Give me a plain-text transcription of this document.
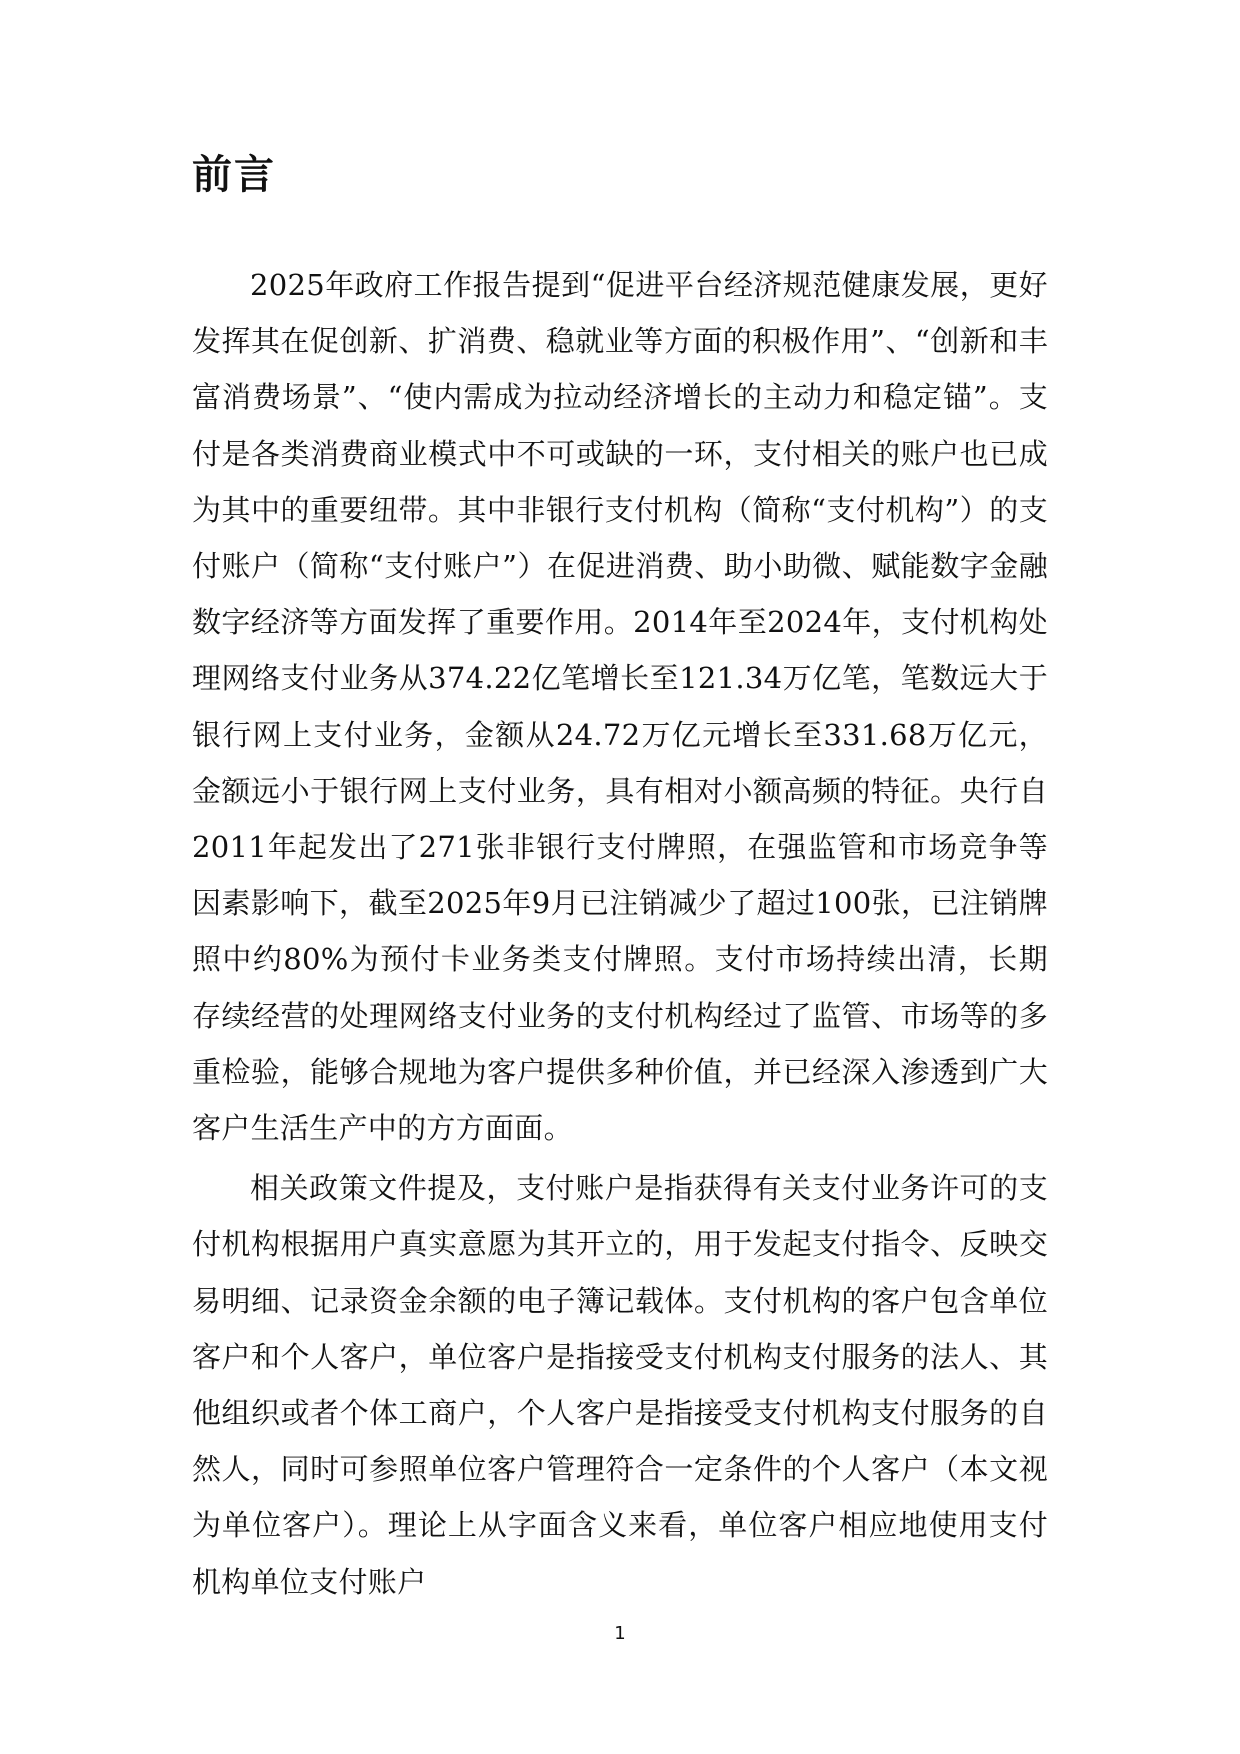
前言

2025年政府工作报告提到“促进平台经济规范健康发展，更好发挥其在促创新、扩消费、稳就业等方面的积极作用”、“创新和丰富消费场景”、“使内需成为拉动经济增长的主动力和稳定锚”。支付是各类消费商业模式中不可或缺的一环，支付相关的账户也已成为其中的重要纽带。其中非银行支付机构（简称“支付机构”）的支付账户（简称“支付账户”）在促进消费、助小助微、赋能数字金融数字经济等方面发挥了重要作用。2014年至2024年，支付机构处理网络支付业务从374.22亿笔增长至121.34万亿笔，笔数远大于银行网上支付业务，金额从24.72万亿元增长至331.68万亿元，金额远小于银行网上支付业务，具有相对小额高频的特征。央行自2011年起发出了271张非银行支付牌照，在强监管和市场竞争等因素影响下，截至2025年9月已注销减少了超过100张，已注销牌照中约80%为预付卡业务类支付牌照。支付市场持续出清，长期存续经营的处理网络支付业务的支付机构经过了监管、市场等的多重检验，能够合规地为客户提供多种价值，并已经深入渗透到广大客户生活生产中的方方面面。

相关政策文件提及，支付账户是指获得有关支付业务许可的支付机构根据用户真实意愿为其开立的，用于发起支付指令、反映交易明细、记录资金余额的电子簿记载体。支付机构的客户包含单位客户和个人客户，单位客户是指接受支付机构支付服务的法人、其他组织或者个体工商户，个人客户是指接受支付机构支付服务的自然人，同时可参照单位客户管理符合一定条件的个人客户（本文视为单位客户）。理论上从字面含义来看，单位客户相应地使用支付机构单位支付账户

1
